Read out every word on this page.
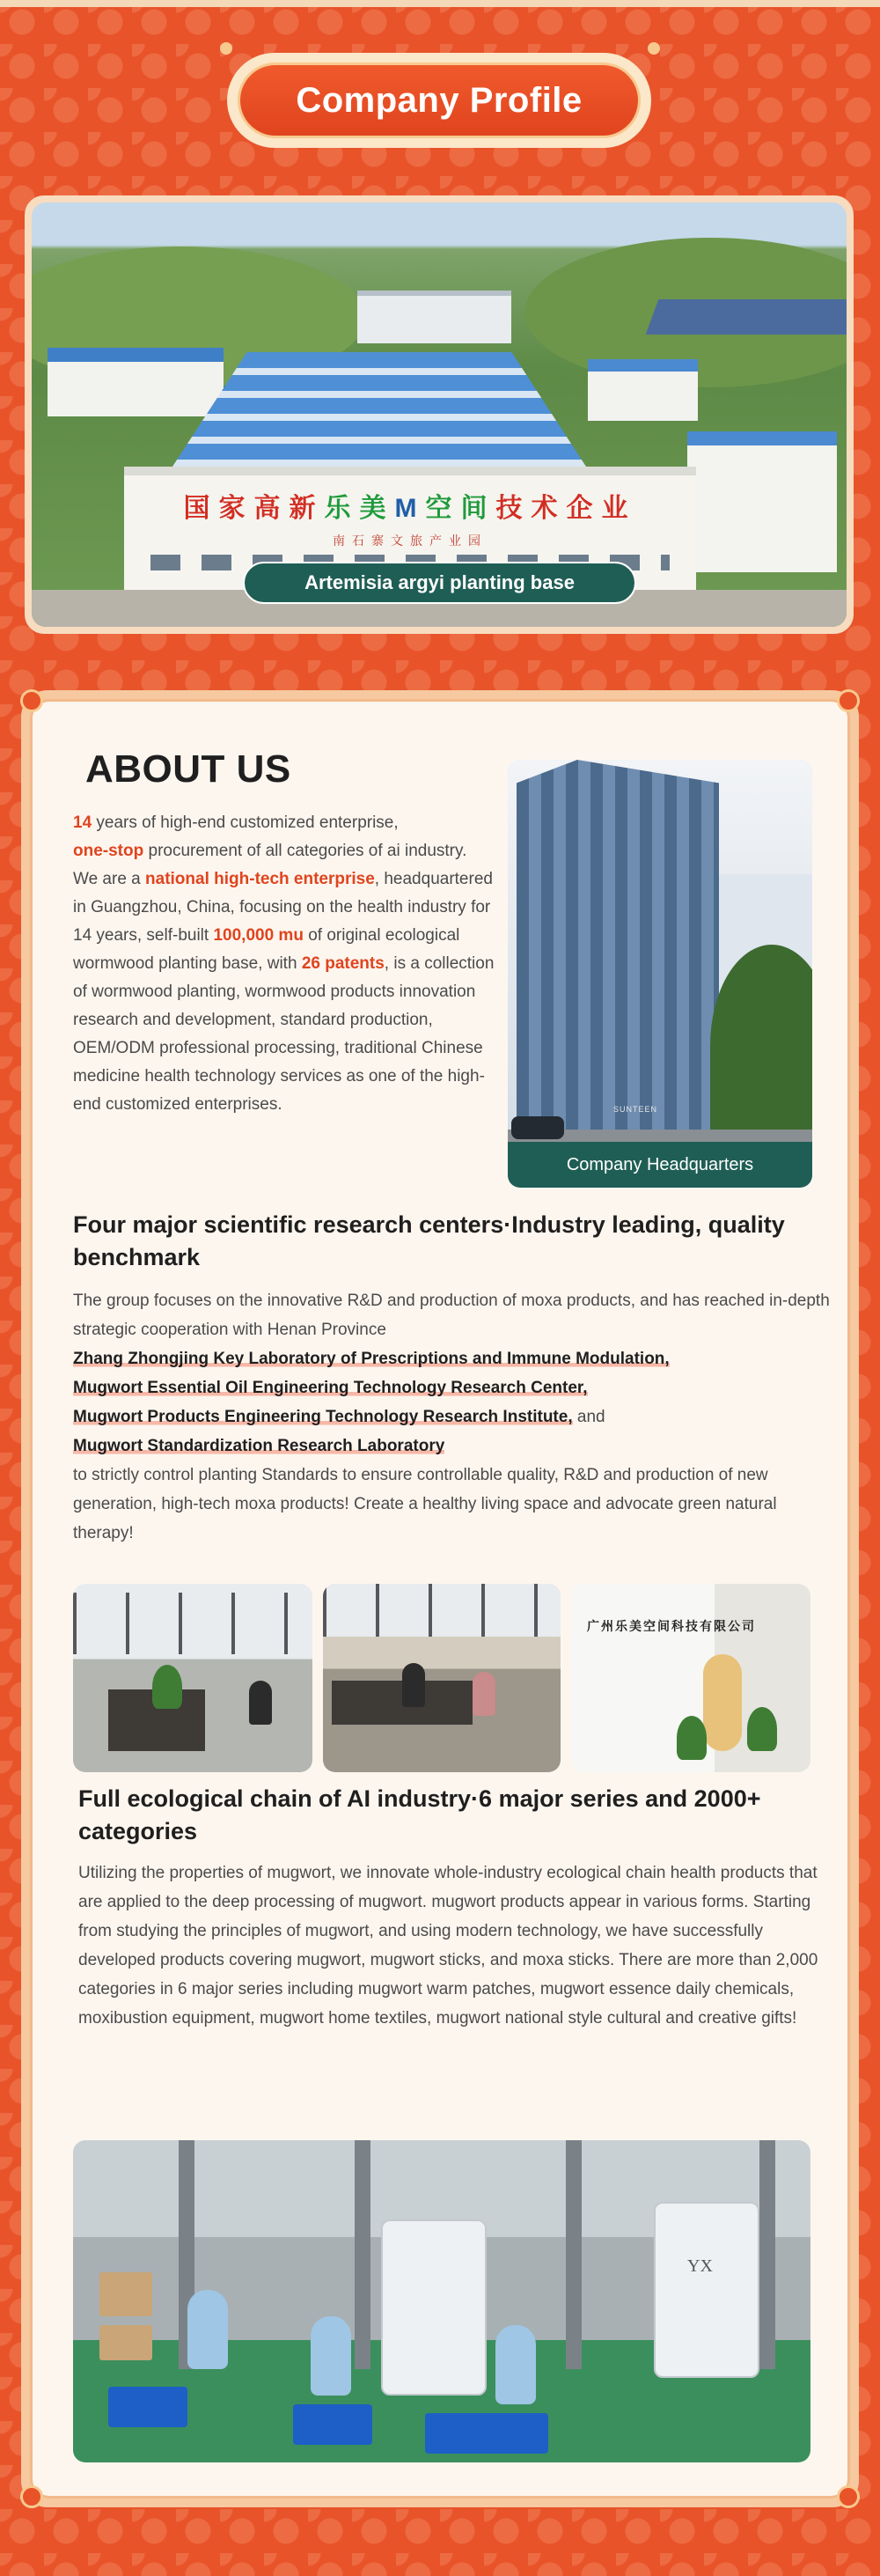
Company Profile
国家高新乐美M空间技术企业
南石寨文旅产业园
Artemisia argyi planting base
ABOUT US
14 years of high-end customized enterprise,
one-stop procurement of all categories of ai industry.
We are a national high-tech enterprise, headquartered in Guangzhou, China, focusing on the health industry for 14 years, self-built 100,000 mu of original ecological wormwood planting base, with 26 patents, is a collection of wormwood planting, wormwood products innovation research and development, standard production, OEM/ODM professional processing, traditional Chinese medicine health technology services as one of the high-end customized enterprises.	SUNTEEN
Company Headquarters
Four major scientific research centers·Industry leading, quality benchmark
The group focuses on the innovative R&D and production of moxa products, and has reached in-depth strategic cooperation with Henan Province
Zhang Zhongjing Key Laboratory of Prescriptions and Immune Modulation,
Mugwort Essential Oil Engineering Technology Research Center,
Mugwort Products Engineering Technology Research Institute, and
Mugwort Standardization Research Laboratory
to strictly control planting Standards to ensure controllable quality, R&D and production of new generation, high-tech moxa products! Create a healthy living space and advocate green natural therapy!
广州乐美空间科技有限公司
Full ecological chain of AI industry·6 major series and 2000+ categories
Utilizing the properties of mugwort, we innovate whole-industry ecological chain health products that are applied to the deep processing of mugwort. mugwort products appear in various forms. Starting from studying the principles of mugwort, and using modern technology, we have successfully developed products covering mugwort, mugwort sticks, and moxa sticks. There are more than 2,000 categories in 6 major series including mugwort warm patches, mugwort essence daily chemicals, moxibustion equipment, mugwort home textiles, mugwort national style cultural and creative gifts!
YX
